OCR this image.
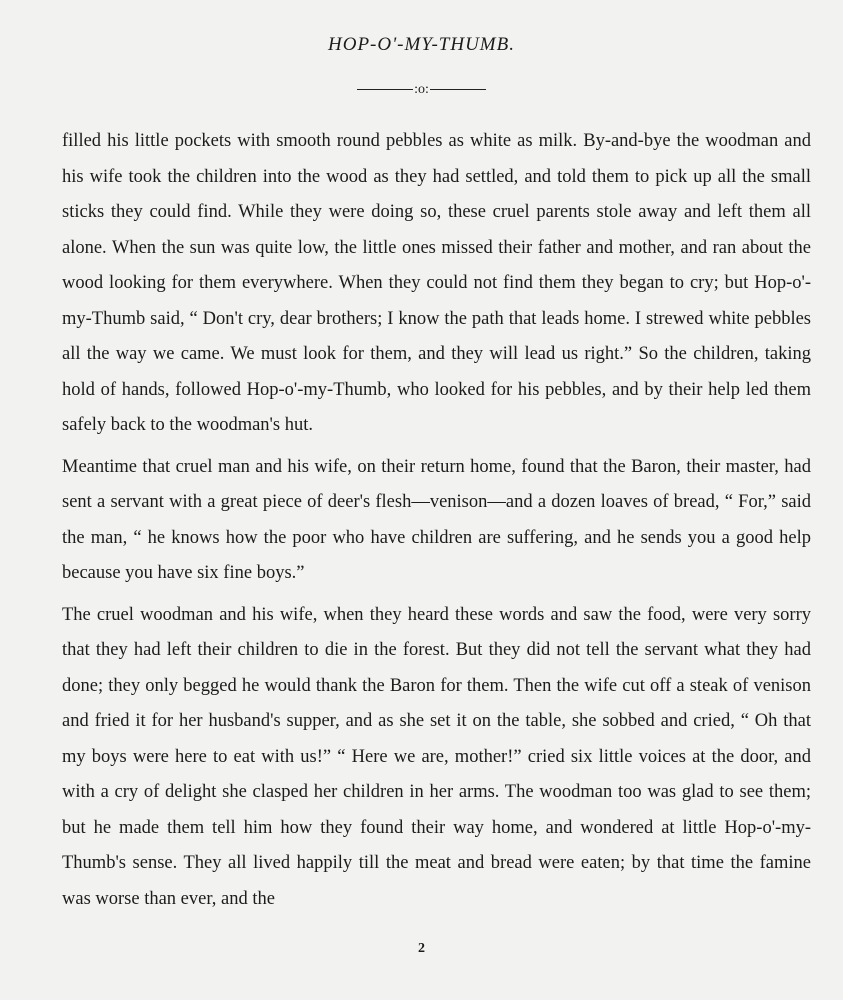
HOP-O'-MY-THUMB.
:o:

filled his little pockets with smooth round pebbles as white as milk. By-and-bye the woodman and his wife took the children into the wood as they had settled, and told them to pick up all the small sticks they could find. While they were doing so, these cruel parents stole away and left them all alone. When the sun was quite low, the little ones missed their father and mother, and ran about the wood looking for them everywhere. When they could not find them they began to cry; but Hop-o'-my-Thumb said, “ Don't cry, dear brothers; I know the path that leads home. I strewed white pebbles all the way we came. We must look for them, and they will lead us right.” So the children, taking hold of hands, followed Hop-o'-my-Thumb, who looked for his pebbles, and by their help led them safely back to the woodman's hut.

Meantime that cruel man and his wife, on their return home, found that the Baron, their master, had sent a servant with a great piece of deer's flesh—venison—and a dozen loaves of bread, “ For,” said the man, “ he knows how the poor who have children are suffering, and he sends you a good help because you have six fine boys.”

The cruel woodman and his wife, when they heard these words and saw the food, were very sorry that they had left their children to die in the forest. But they did not tell the servant what they had done; they only begged he would thank the Baron for them. Then the wife cut off a steak of venison and fried it for her husband's supper, and as she set it on the table, she sobbed and cried, “ Oh that my boys were here to eat with us!” “ Here we are, mother!” cried six little voices at the door, and with a cry of delight she clasped her children in her arms. The woodman too was glad to see them; but he made them tell him how they found their way home, and wondered at little Hop-o'-my-Thumb's sense. They all lived happily till the meat and bread were eaten; by that time the famine was worse than ever, and the

2
